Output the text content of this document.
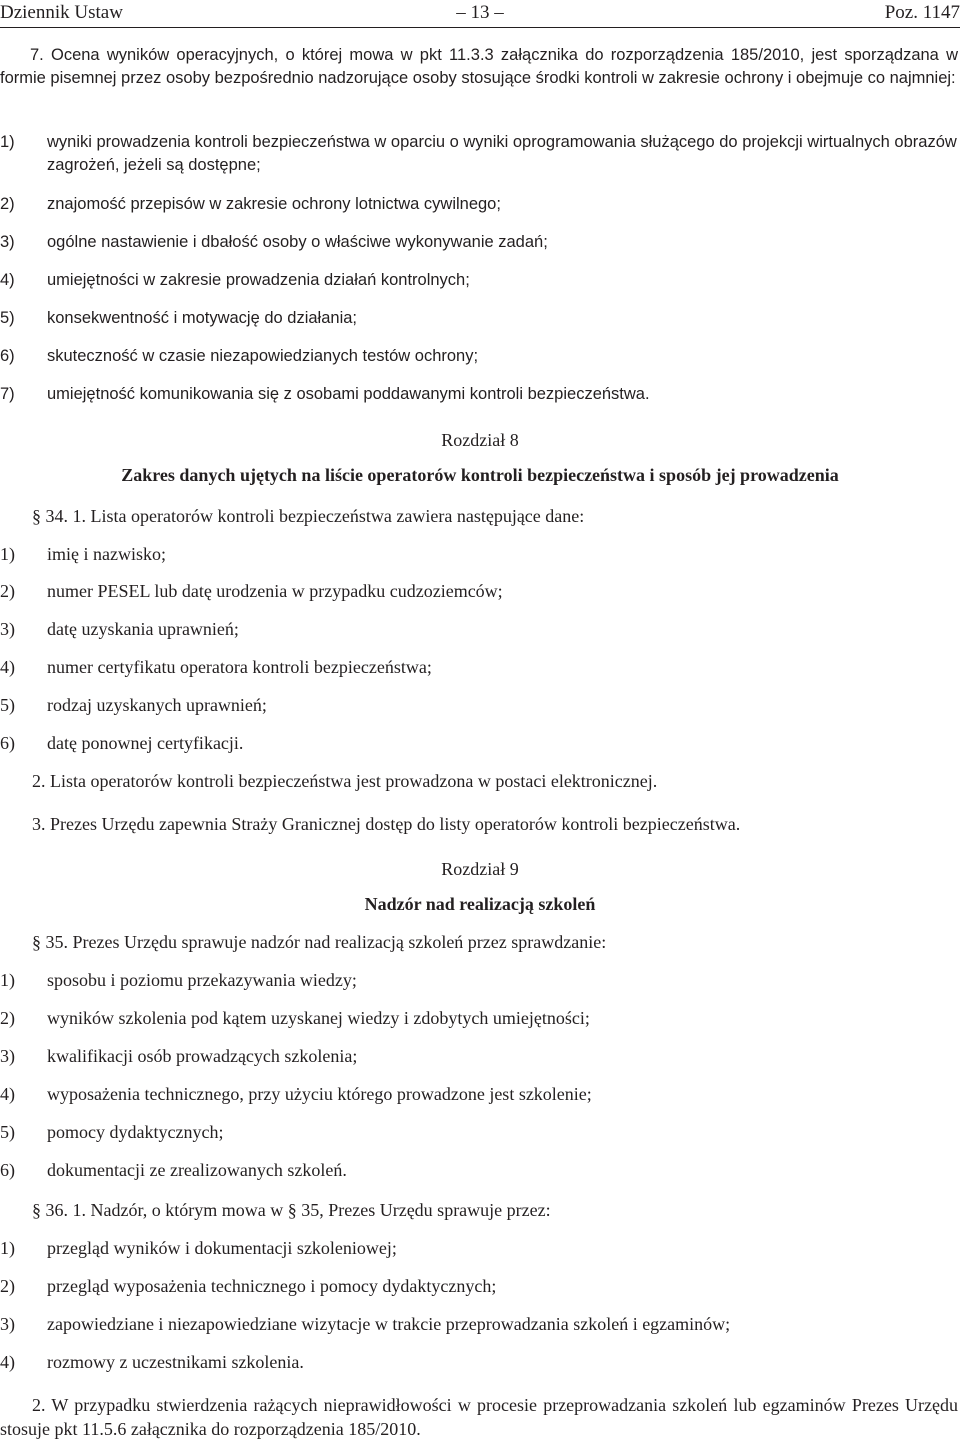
Dziennik Ustaw	– 13 –	Poz. 1147
7. Ocena wyników operacyjnych, o której mowa w pkt 11.3.3 załącznika do rozporządzenia 185/2010, jest sporządzana w formie pisemnej przez osoby bezpośrednio nadzorujące osoby stosujące środki kontroli w zakresie ochrony i obejmuje co najmniej:
1)	wyniki prowadzenia kontroli bezpieczeństwa w oparciu o wyniki oprogramowania służącego do projekcji wirtualnych obrazów zagrożeń, jeżeli są dostępne;
2)	znajomość przepisów w zakresie ochrony lotnictwa cywilnego;
3)	ogólne nastawienie i dbałość osoby o właściwe wykonywanie zadań;
4)	umiejętności w zakresie prowadzenia działań kontrolnych;
5)	konsekwentność i motywację do działania;
6)	skuteczność w czasie niezapowiedzianych testów ochrony;
7)	umiejętność komunikowania się z osobami poddawanymi kontroli bezpieczeństwa.
Rozdział 8
Zakres danych ujętych na liście operatorów kontroli bezpieczeństwa i sposób jej prowadzenia
§ 34. 1. Lista operatorów kontroli bezpieczeństwa zawiera następujące dane:
1)	imię i nazwisko;
2)	numer PESEL lub datę urodzenia w przypadku cudzoziemców;
3)	datę uzyskania uprawnień;
4)	numer certyfikatu operatora kontroli bezpieczeństwa;
5)	rodzaj uzyskanych uprawnień;
6)	datę ponownej certyfikacji.
2. Lista operatorów kontroli bezpieczeństwa jest prowadzona w postaci elektronicznej.
3. Prezes Urzędu zapewnia Straży Granicznej dostęp do listy operatorów kontroli bezpieczeństwa.
Rozdział 9
Nadzór nad realizacją szkoleń
§ 35. Prezes Urzędu sprawuje nadzór nad realizacją szkoleń przez sprawdzanie:
1)	sposobu i poziomu przekazywania wiedzy;
2)	wyników szkolenia pod kątem uzyskanej wiedzy i zdobytych umiejętności;
3)	kwalifikacji osób prowadzących szkolenia;
4)	wyposażenia technicznego, przy użyciu którego prowadzone jest szkolenie;
5)	pomocy dydaktycznych;
6)	dokumentacji ze zrealizowanych szkoleń.
§ 36. 1. Nadzór, o którym mowa w § 35, Prezes Urzędu sprawuje przez:
1)	przegląd wyników i dokumentacji szkoleniowej;
2)	przegląd wyposażenia technicznego i pomocy dydaktycznych;
3)	zapowiedziane i niezapowiedziane wizytacje w trakcie przeprowadzania szkoleń i egzaminów;
4)	rozmowy z uczestnikami szkolenia.
2. W przypadku stwierdzenia rażących nieprawidłowości w procesie przeprowadzania szkoleń lub egzaminów Prezes Urzędu stosuje pkt 11.5.6 załącznika do rozporządzenia 185/2010.
